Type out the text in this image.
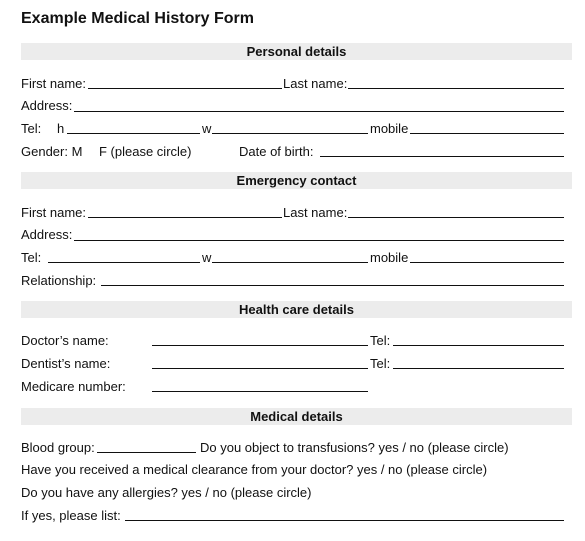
Example Medical History Form
Personal details
First name:	Last name:
Address:
Tel: h	w	mobile
Gender: M F (please circle)	Date of birth:
Emergency contact
First name:	Last name:
Address:
Tel:	w	mobile
Relationship:
Health care details
Doctor’s name:	Tel:
Dentist’s name:	Tel:
Medicare number:
Medical details
Blood group:	Do you object to transfusions? yes / no (please circle)
Have you received a medical clearance from your doctor? yes / no (please circle)
Do you have any allergies? yes / no (please circle)
If yes, please list:
